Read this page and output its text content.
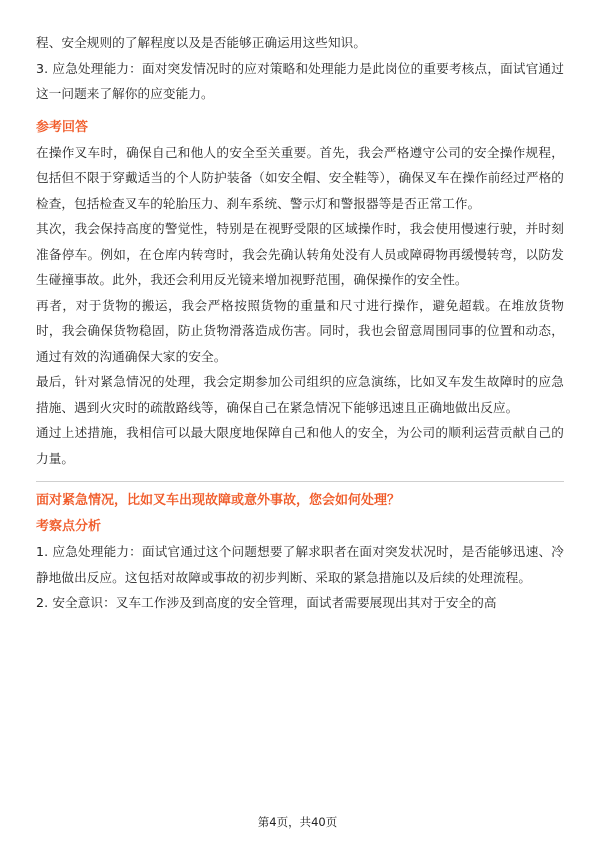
程、安全规则的了解程度以及是否能够正确运用这些知识。

3. 应急处理能力：面对突发情况时的应对策略和处理能力是此岗位的重要考核点，面试官通过这一问题来了解你的应变能力。

参考回答

在操作叉车时，确保自己和他人的安全至关重要。首先，我会严格遵守公司的安全操作规程，包括但不限于穿戴适当的个人防护装备（如安全帽、安全鞋等），确保叉车在操作前经过严格的检查，包括检查叉车的轮胎压力、刹车系统、警示灯和警报器等是否正常工作。

其次，我会保持高度的警觉性，特别是在视野受限的区域操作时，我会使用慢速行驶，并时刻准备停车。例如，在仓库内转弯时，我会先确认转角处没有人员或障碍物再缓慢转弯，以防发生碰撞事故。此外，我还会利用反光镜来增加视野范围，确保操作的安全性。

再者，对于货物的搬运，我会严格按照货物的重量和尺寸进行操作，避免超载。在堆放货物时，我会确保货物稳固，防止货物滑落造成伤害。同时，我也会留意周围同事的位置和动态，通过有效的沟通确保大家的安全。

最后，针对紧急情况的处理，我会定期参加公司组织的应急演练，比如叉车发生故障时的应急措施、遇到火灾时的疏散路线等，确保自己在紧急情况下能够迅速且正确地做出反应。

通过上述措施，我相信可以最大限度地保障自己和他人的安全，为公司的顺利运营贡献自己的力量。

面对紧急情况，比如叉车出现故障或意外事故，您会如何处理？

考察点分析

1. 应急处理能力：面试官通过这个问题想要了解求职者在面对突发状况时，是否能够迅速、冷静地做出反应。这包括对故障或事故的初步判断、采取的紧急措施以及后续的处理流程。

2. 安全意识：叉车工作涉及到高度的安全管理，面试者需要展现出其对于安全的高

第4页，共40页
